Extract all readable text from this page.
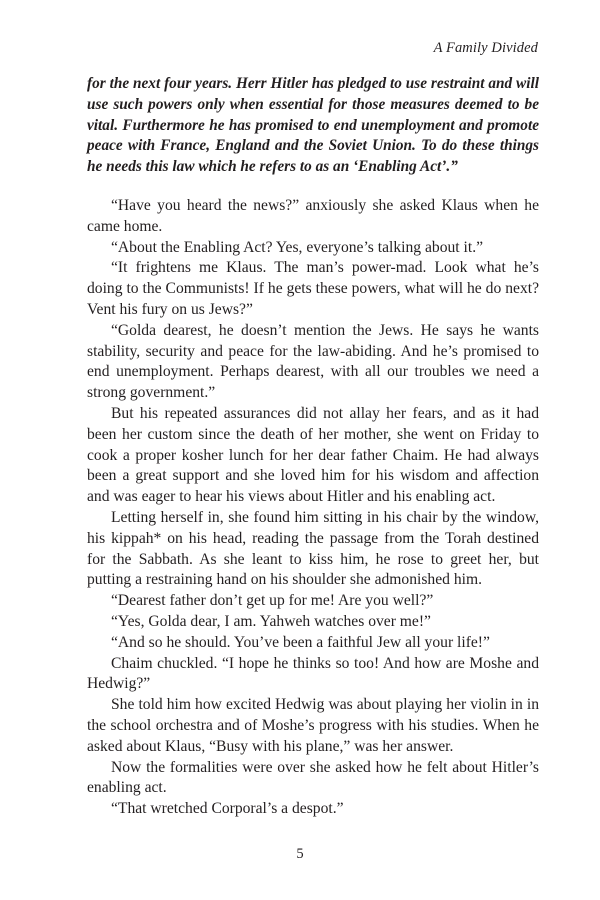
A Family Divided
for the next four years. Herr Hitler has pledged to use restraint and will use such powers only when essential for those measures deemed to be vital. Furthermore he has promised to end unemployment and promote peace with France, England and the Soviet Union. To do these things he needs this law which he refers to as an ‘Enabling Act’.”

“Have you heard the news?” anxiously she asked Klaus when he came home.

“About the Enabling Act? Yes, everyone’s talking about it.”

“It frightens me Klaus. The man’s power-mad. Look what he’s doing to the Communists! If he gets these powers, what will he do next? Vent his fury on us Jews?”

“Golda dearest, he doesn’t mention the Jews. He says he wants stability, security and peace for the law-abiding. And he’s promised to end unemployment. Perhaps dearest, with all our troubles we need a strong government.”

But his repeated assurances did not allay her fears, and as it had been her custom since the death of her mother, she went on Friday to cook a proper kosher lunch for her dear father Chaim. He had always been a great support and she loved him for his wisdom and affection and was eager to hear his views about Hitler and his enabling act.

Letting herself in, she found him sitting in his chair by the window, his kippah* on his head, reading the passage from the Torah destined for the Sabbath. As she leant to kiss him, he rose to greet her, but putting a restraining hand on his shoulder she admonished him.

“Dearest father don’t get up for me! Are you well?”

“Yes, Golda dear, I am. Yahweh watches over me!”

“And so he should. You’ve been a faithful Jew all your life!”

Chaim chuckled. “I hope he thinks so too! And how are Moshe and Hedwig?”

She told him how excited Hedwig was about playing her violin in in the school orchestra and of Moshe’s progress with his studies. When he asked about Klaus, “Busy with his plane,” was her answer.

Now the formalities were over she asked how he felt about Hitler’s enabling act.

“That wretched Corporal’s a despot.”

5
